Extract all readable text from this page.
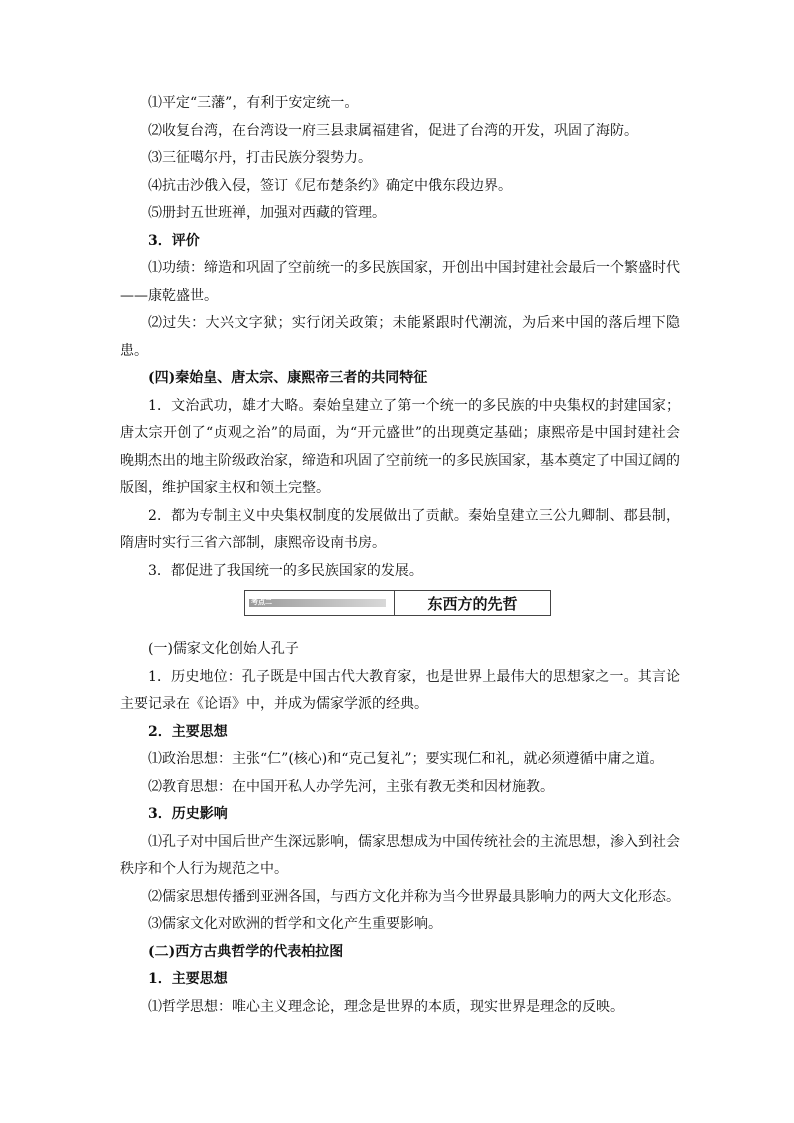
⑴平定“三藩”，有利于安定统一。

⑵收复台湾，在台湾设一府三县隶属福建省，促进了台湾的开发，巩固了海防。

⑶三征噶尔丹，打击民族分裂势力。

⑷抗击沙俄入侵，签订《尼布楚条约》确定中俄东段边界。

⑸册封五世班禅，加强对西藏的管理。

3．评价

⑴功绩：缔造和巩固了空前统一的多民族国家，开创出中国封建社会最后一个繁盛时代——康乾盛世。

⑵过失：大兴文字狱；实行闭关政策；未能紧跟时代潮流，为后来中国的落后埋下隐患。

(四)秦始皇、唐太宗、康熙帝三者的共同特征

1．文治武功，雄才大略。秦始皇建立了第一个统一的多民族的中央集权的封建国家；唐太宗开创了“贞观之治”的局面，为“开元盛世”的出现奠定基础；康熙帝是中国封建社会晚期杰出的地主阶级政治家，缔造和巩固了空前统一的多民族国家，基本奠定了中国辽阔的版图，维护国家主权和领土完整。

2．都为专制主义中央集权制度的发展做出了贡献。秦始皇建立三公九卿制、郡县制，隋唐时实行三省六部制，康熙帝设南书房。

3．都促进了我国统一的多民族国家的发展。

考点二	东西方的先哲

(一)儒家文化创始人孔子

1．历史地位：孔子既是中国古代大教育家，也是世界上最伟大的思想家之一。其言论主要记录在《论语》中，并成为儒家学派的经典。

2．主要思想

⑴政治思想：主张“仁”(核心)和“克己复礼”；要实现仁和礼，就必须遵循中庸之道。

⑵教育思想：在中国开私人办学先河，主张有教无类和因材施教。

3．历史影响

⑴孔子对中国后世产生深远影响，儒家思想成为中国传统社会的主流思想，渗入到社会秩序和个人行为规范之中。

⑵儒家思想传播到亚洲各国，与西方文化并称为当今世界最具影响力的两大文化形态。

⑶儒家文化对欧洲的哲学和文化产生重要影响。

(二)西方古典哲学的代表柏拉图

1．主要思想

⑴哲学思想：唯心主义理念论，理念是世界的本质，现实世界是理念的反映。
